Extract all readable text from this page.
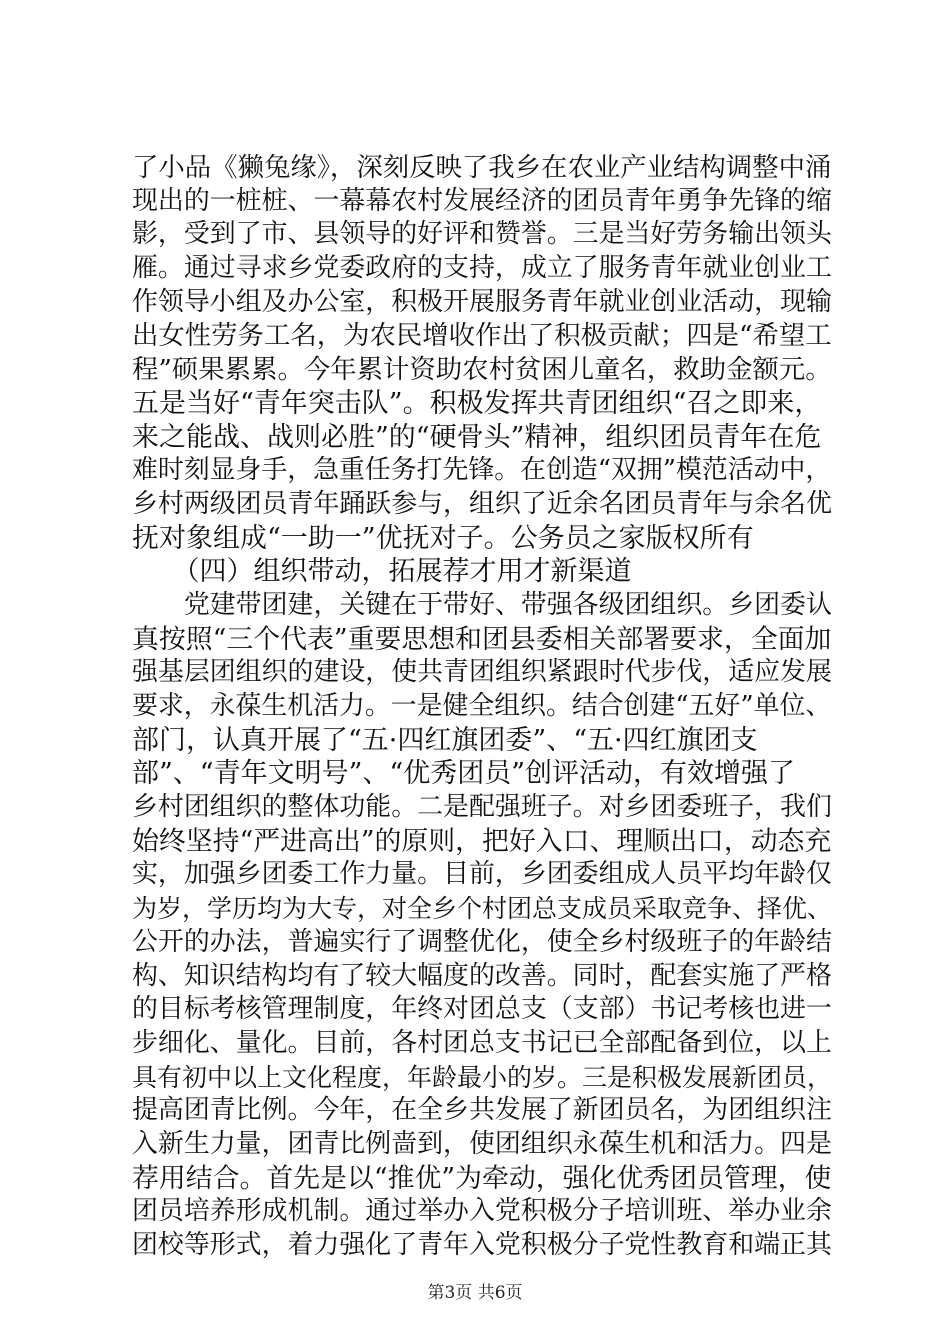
了小品《獭兔缘》，深刻反映了我乡在农业产业结构调整中涌
现出的一桩桩、一幕幕农村发展经济的团员青年勇争先锋的缩
影，受到了市、县领导的好评和赞誉。三是当好劳务输出领头
雁。通过寻求乡党委政府的支持，成立了服务青年就业创业工
作领导小组及办公室，积极开展服务青年就业创业活动，现输
出女性劳务工名，为农民增收作出了积极贡献；四是“希望工
程”硕果累累。今年累计资助农村贫困儿童名，救助金额元。
五是当好“青年突击队”。积极发挥共青团组织“召之即来，
来之能战、战则必胜”的“硬骨头”精神，组织团员青年在危
难时刻显身手，急重任务打先锋。在创造“双拥”模范活动中，
乡村两级团员青年踊跃参与，组织了近余名团员青年与余名优
抚对象组成“一助一”优抚对子。公务员之家版权所有
　　（四）组织带动，拓展荐才用才新渠道
　　党建带团建，关键在于带好、带强各级团组织。乡团委认
真按照“三个代表”重要思想和团县委相关部署要求，全面加
强基层团组织的建设，使共青团组织紧跟时代步伐，适应发展
要求，永葆生机活力。一是健全组织。结合创建“五好”单位、
部门，认真开展了“五·四红旗团委”、“五·四红旗团支
部”、“青年文明号”、“优秀团员”创评活动，有效增强了
乡村团组织的整体功能。二是配强班子。对乡团委班子，我们
始终坚持“严进高出”的原则，把好入口、理顺出口，动态充
实，加强乡团委工作力量。目前，乡团委组成人员平均年龄仅
为岁，学历均为大专，对全乡个村团总支成员采取竞争、择优、
公开的办法，普遍实行了调整优化，使全乡村级班子的年龄结
构、知识结构均有了较大幅度的改善。同时，配套实施了严格
的目标考核管理制度，年终对团总支（支部）书记考核也进一
步细化、量化。目前，各村团总支书记已全部配备到位，以上
具有初中以上文化程度，年龄最小的岁。三是积极发展新团员，
提高团青比例。今年，在全乡共发展了新团员名，为团组织注
入新生力量，团青比例啬到，使团组织永葆生机和活力。四是
荐用结合。首先是以“推优”为牵动，强化优秀团员管理，使
团员培养形成机制。通过举办入党积极分子培训班、举办业余
团校等形式，着力强化了青年入党积极分子党性教育和端正其
第3页 共6页
